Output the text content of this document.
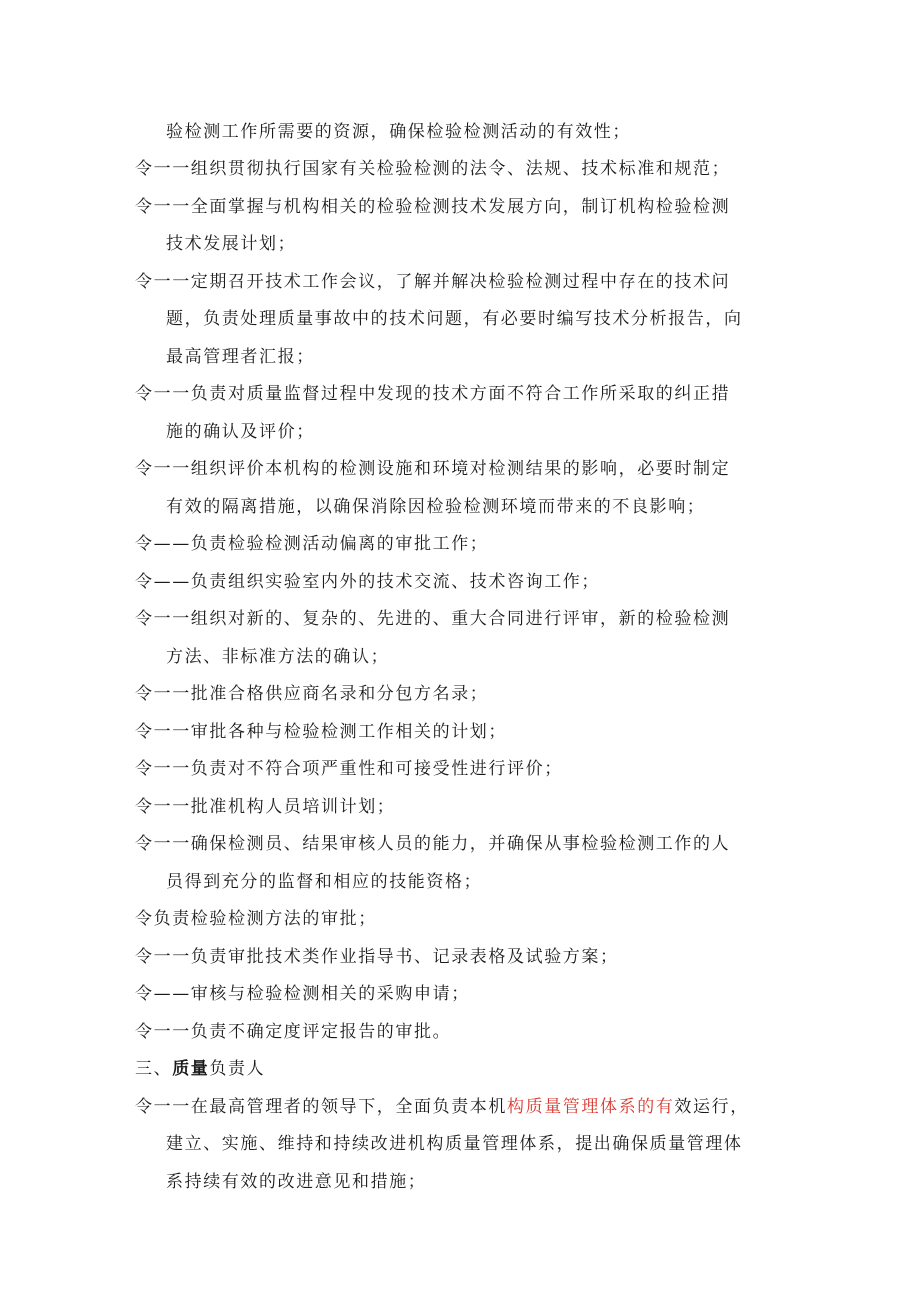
验检测工作所需要的资源，确保检验检测活动的有效性；
令一一组织贯彻执行国家有关检验检测的法令、法规、技术标准和规范；
令一一全面掌握与机构相关的检验检测技术发展方向，制订机构检验检测
技术发展计划；
令一一定期召开技术工作会议，了解并解决检验检测过程中存在的技术问
题，负责处理质量事故中的技术问题，有必要时编写技术分析报告，向
最高管理者汇报；
令一一负责对质量监督过程中发现的技术方面不符合工作所采取的纠正措
施的确认及评价；
令一一组织评价本机构的检测设施和环境对检测结果的影响，必要时制定
有效的隔离措施，以确保消除因检验检测环境而带来的不良影响；
令——负责检验检测活动偏离的审批工作；
令——负责组织实验室内外的技术交流、技术咨询工作；
令一一组织对新的、复杂的、先进的、重大合同进行评审，新的检验检测
方法、非标准方法的确认；
令一一批准合格供应商名录和分包方名录；
令一一审批各种与检验检测工作相关的计划；
令一一负责对不符合项严重性和可接受性进行评价；
令一一批准机构人员培训计划；
令一一确保检测员、结果审核人员的能力，并确保从事检验检测工作的人
员得到充分的监督和相应的技能资格；
令负责检验检测方法的审批；
令一一负责审批技术类作业指导书、记录表格及试验方案；
令——审核与检验检测相关的采购申请；
令一一负责不确定度评定报告的审批。
三、质量负责人
令一一在最高管理者的领导下，全面负责本机构质量管理体系的有效运行，
建立、实施、维持和持续改进机构质量管理体系，提出确保质量管理体
系持续有效的改进意见和措施；
